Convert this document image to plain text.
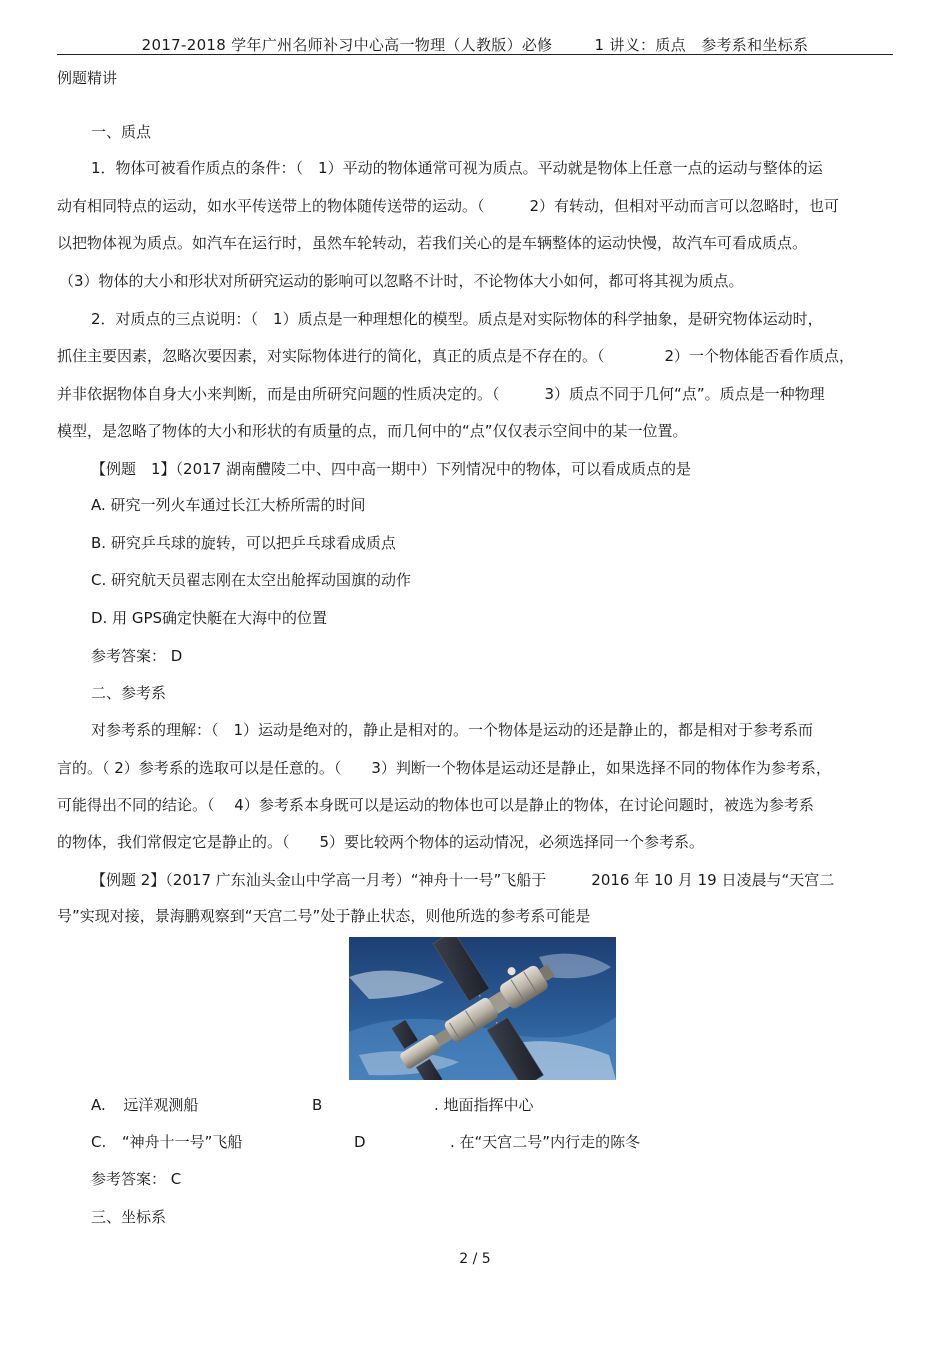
2017-2018 学年广州名师补习中心高一物理（人教版）必修	1 讲义：质点　参考系和坐标系
例题精讲
一、质点
1．物体可被看作质点的条件：（　1）平动的物体通常可视为质点。平动就是物体上任意一点的运动与整体的运
动有相同特点的运动，如水平传送带上的物体随传送带的运动。（　　　2）有转动，但相对平动而言可以忽略时，也可
以把物体视为质点。如汽车在运行时，虽然车轮转动，若我们关心的是车辆整体的运动快慢，故汽车可看成质点。
（3）物体的大小和形状对所研究运动的影响可以忽略不计时，不论物体大小如何，都可将其视为质点。
2．对质点的三点说明：（　1）质点是一种理想化的模型。质点是对实际物体的科学抽象，是研究物体运动时，
抓住主要因素，忽略次要因素，对实际物体进行的简化，真正的质点是不存在的。（　　　　2）一个物体能否看作质点，
并非依据物体自身大小来判断，而是由所研究问题的性质决定的。（　　　3）质点不同于几何“点”。质点是一种物理
模型，是忽略了物体的大小和形状的有质量的点，而几何中的“点”仅仅表示空间中的某一位置。
【例题　1】（2017 湖南醴陵二中、四中高一期中）下列情况中的物体，可以看成质点的是
A. 研究一列火车通过长江大桥所需的时间
B. 研究乒乓球的旋转，可以把乒乓球看成质点
C. 研究航天员翟志刚在太空出舱挥动国旗的动作
D. 用 GPS确定快艇在大海中的位置
参考答案： D
二、参考系
对参考系的理解：（　1）运动是绝对的，静止是相对的。一个物体是运动的还是静止的，都是相对于参考系而
言的。（ 2）参考系的选取可以是任意的。（　　3）判断一个物体是运动还是静止，如果选择不同的物体作为参考系，
可能得出不同的结论。（　 4）参考系本身既可以是运动的物体也可以是静止的物体，在讨论问题时，被选为参考系
的物体，我们常假定它是静止的。（　　5）要比较两个物体的运动情况，必须选择同一个参考系。
【例题 2】（2017 广东汕头金山中学高一月考）“神舟十一号”飞船于　　　2016 年 10 月 19 日凌晨与“天宫二
号”实现对接，景海鹏观察到“天宫二号”处于静止状态，则他所选的参考系可能是
A. 远洋观测船	B	. 地面指挥中心
C. “神舟十一号”飞船	D	. 在“天宫二号”内行走的陈冬
参考答案： C
三、坐标系
2 / 5
